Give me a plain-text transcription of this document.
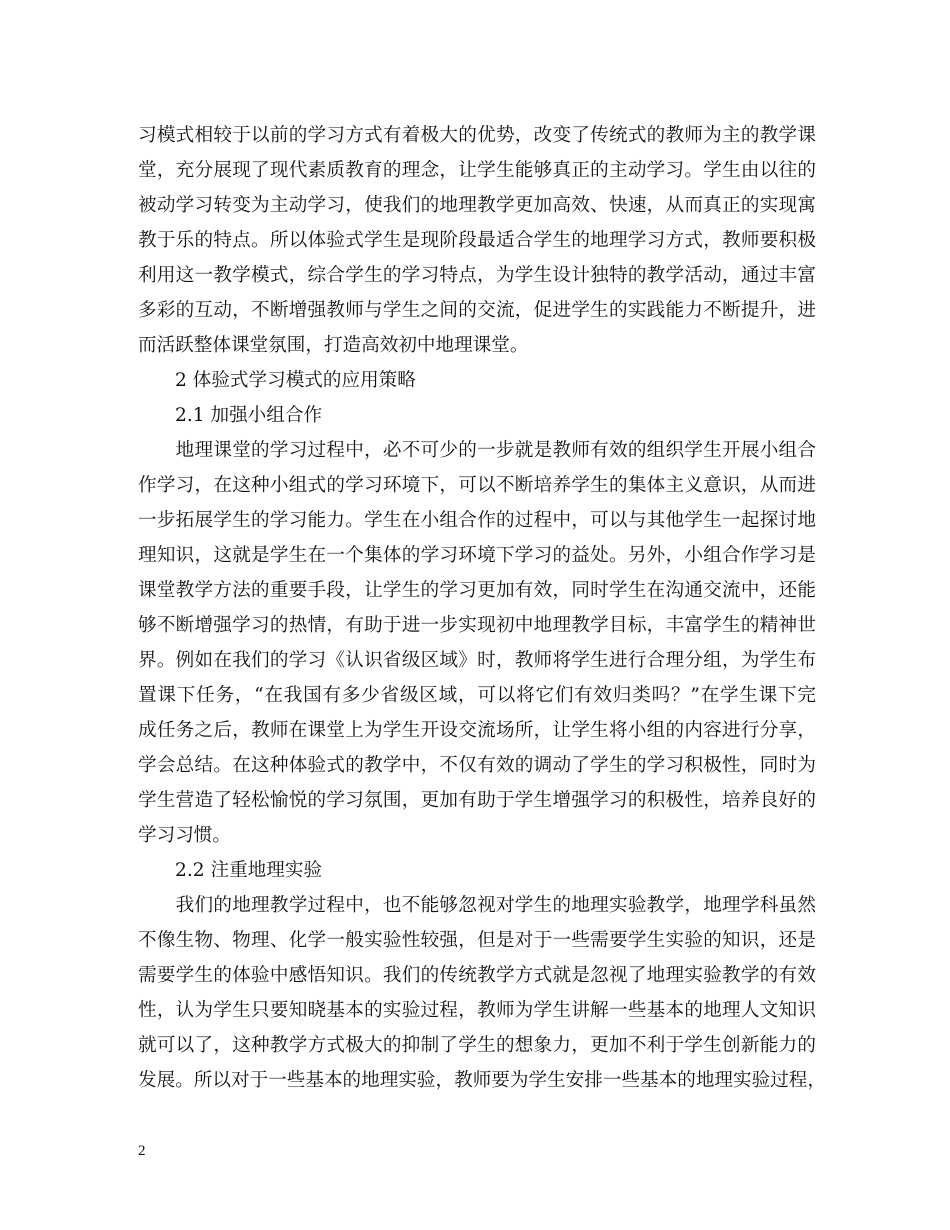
习模式相较于以前的学习方式有着极大的优势，改变了传统式的教师为主的教学课
堂，充分展现了现代素质教育的理念，让学生能够真正的主动学习。学生由以往的
被动学习转变为主动学习，使我们的地理教学更加高效、快速，从而真正的实现寓
教于乐的特点。所以体验式学生是现阶段最适合学生的地理学习方式，教师要积极
利用这一教学模式，综合学生的学习特点，为学生设计独特的教学活动，通过丰富
多彩的互动，不断增强教师与学生之间的交流，促进学生的实践能力不断提升，进
而活跃整体课堂氛围，打造高效初中地理课堂。
2 体验式学习模式的应用策略
2.1 加强小组合作
　　地理课堂的学习过程中，必不可少的一步就是教师有效的组织学生开展小组合
作学习，在这种小组式的学习环境下，可以不断培养学生的集体主义意识，从而进
一步拓展学生的学习能力。学生在小组合作的过程中，可以与其他学生一起探讨地
理知识，这就是学生在一个集体的学习环境下学习的益处。另外，小组合作学习是
课堂教学方法的重要手段，让学生的学习更加有效，同时学生在沟通交流中，还能
够不断增强学习的热情，有助于进一步实现初中地理教学目标，丰富学生的精神世
界。例如在我们的学习《认识省级区域》时，教师将学生进行合理分组，为学生布
置课下任务，“在我国有多少省级区域，可以将它们有效归类吗？”在学生课下完
成任务之后，教师在课堂上为学生开设交流场所，让学生将小组的内容进行分享，
学会总结。在这种体验式的教学中，不仅有效的调动了学生的学习积极性，同时为
学生营造了轻松愉悦的学习氛围，更加有助于学生增强学习的积极性，培养良好的
学习习惯。
2.2 注重地理实验
　　我们的地理教学过程中，也不能够忽视对学生的地理实验教学，地理学科虽然
不像生物、物理、化学一般实验性较强，但是对于一些需要学生实验的知识，还是
需要学生的体验中感悟知识。我们的传统教学方式就是忽视了地理实验教学的有效
性，认为学生只要知晓基本的实验过程，教师为学生讲解一些基本的地理人文知识
就可以了，这种教学方式极大的抑制了学生的想象力，更加不利于学生创新能力的
发展。所以对于一些基本的地理实验，教师要为学生安排一些基本的地理实验过程，
2
